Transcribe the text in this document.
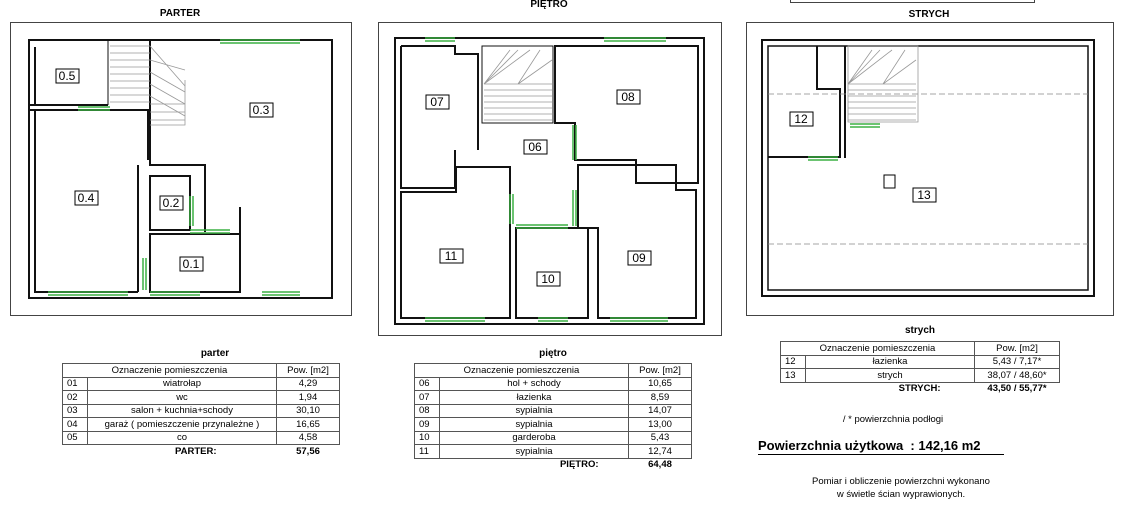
PARTER
PIĘTRO
STRYCH
0.5
0.3
0.4	0.2
0.1
07	08
06
11
10
09
12
13
parter
Oznaczenie pomieszczenia		Pow. [m2]
01	wiatrołap	4,29
02	wc	1,94
03	salon + kuchnia+schody	30,10
04	garaż ( pomieszczenie przynależne )	16,65
05	co	4,58
	PARTER:	57,56
piętro
Oznaczenie pomieszczenia		Pow. [m2]
06	hol + schody	10,65
07	łazienka	8,59
08	sypialnia	14,07
09	sypialnia	13,00
10	garderoba	5,43
11	sypialnia	12,74
	PIĘTRO:	64,48
strych
Oznaczenie pomieszczenia		Pow. [m2]
12	łazienka	5,43 / 7,17*
13	strych	38,07 / 48,60*
	STRYCH:	43,50 / 55,77*
/ * powierzchnia podłogi
Powierzchnia użytkowa  : 142,16 m2
Pomiar i obliczenie powierzchni wykonano
w świetle ścian wyprawionych.
